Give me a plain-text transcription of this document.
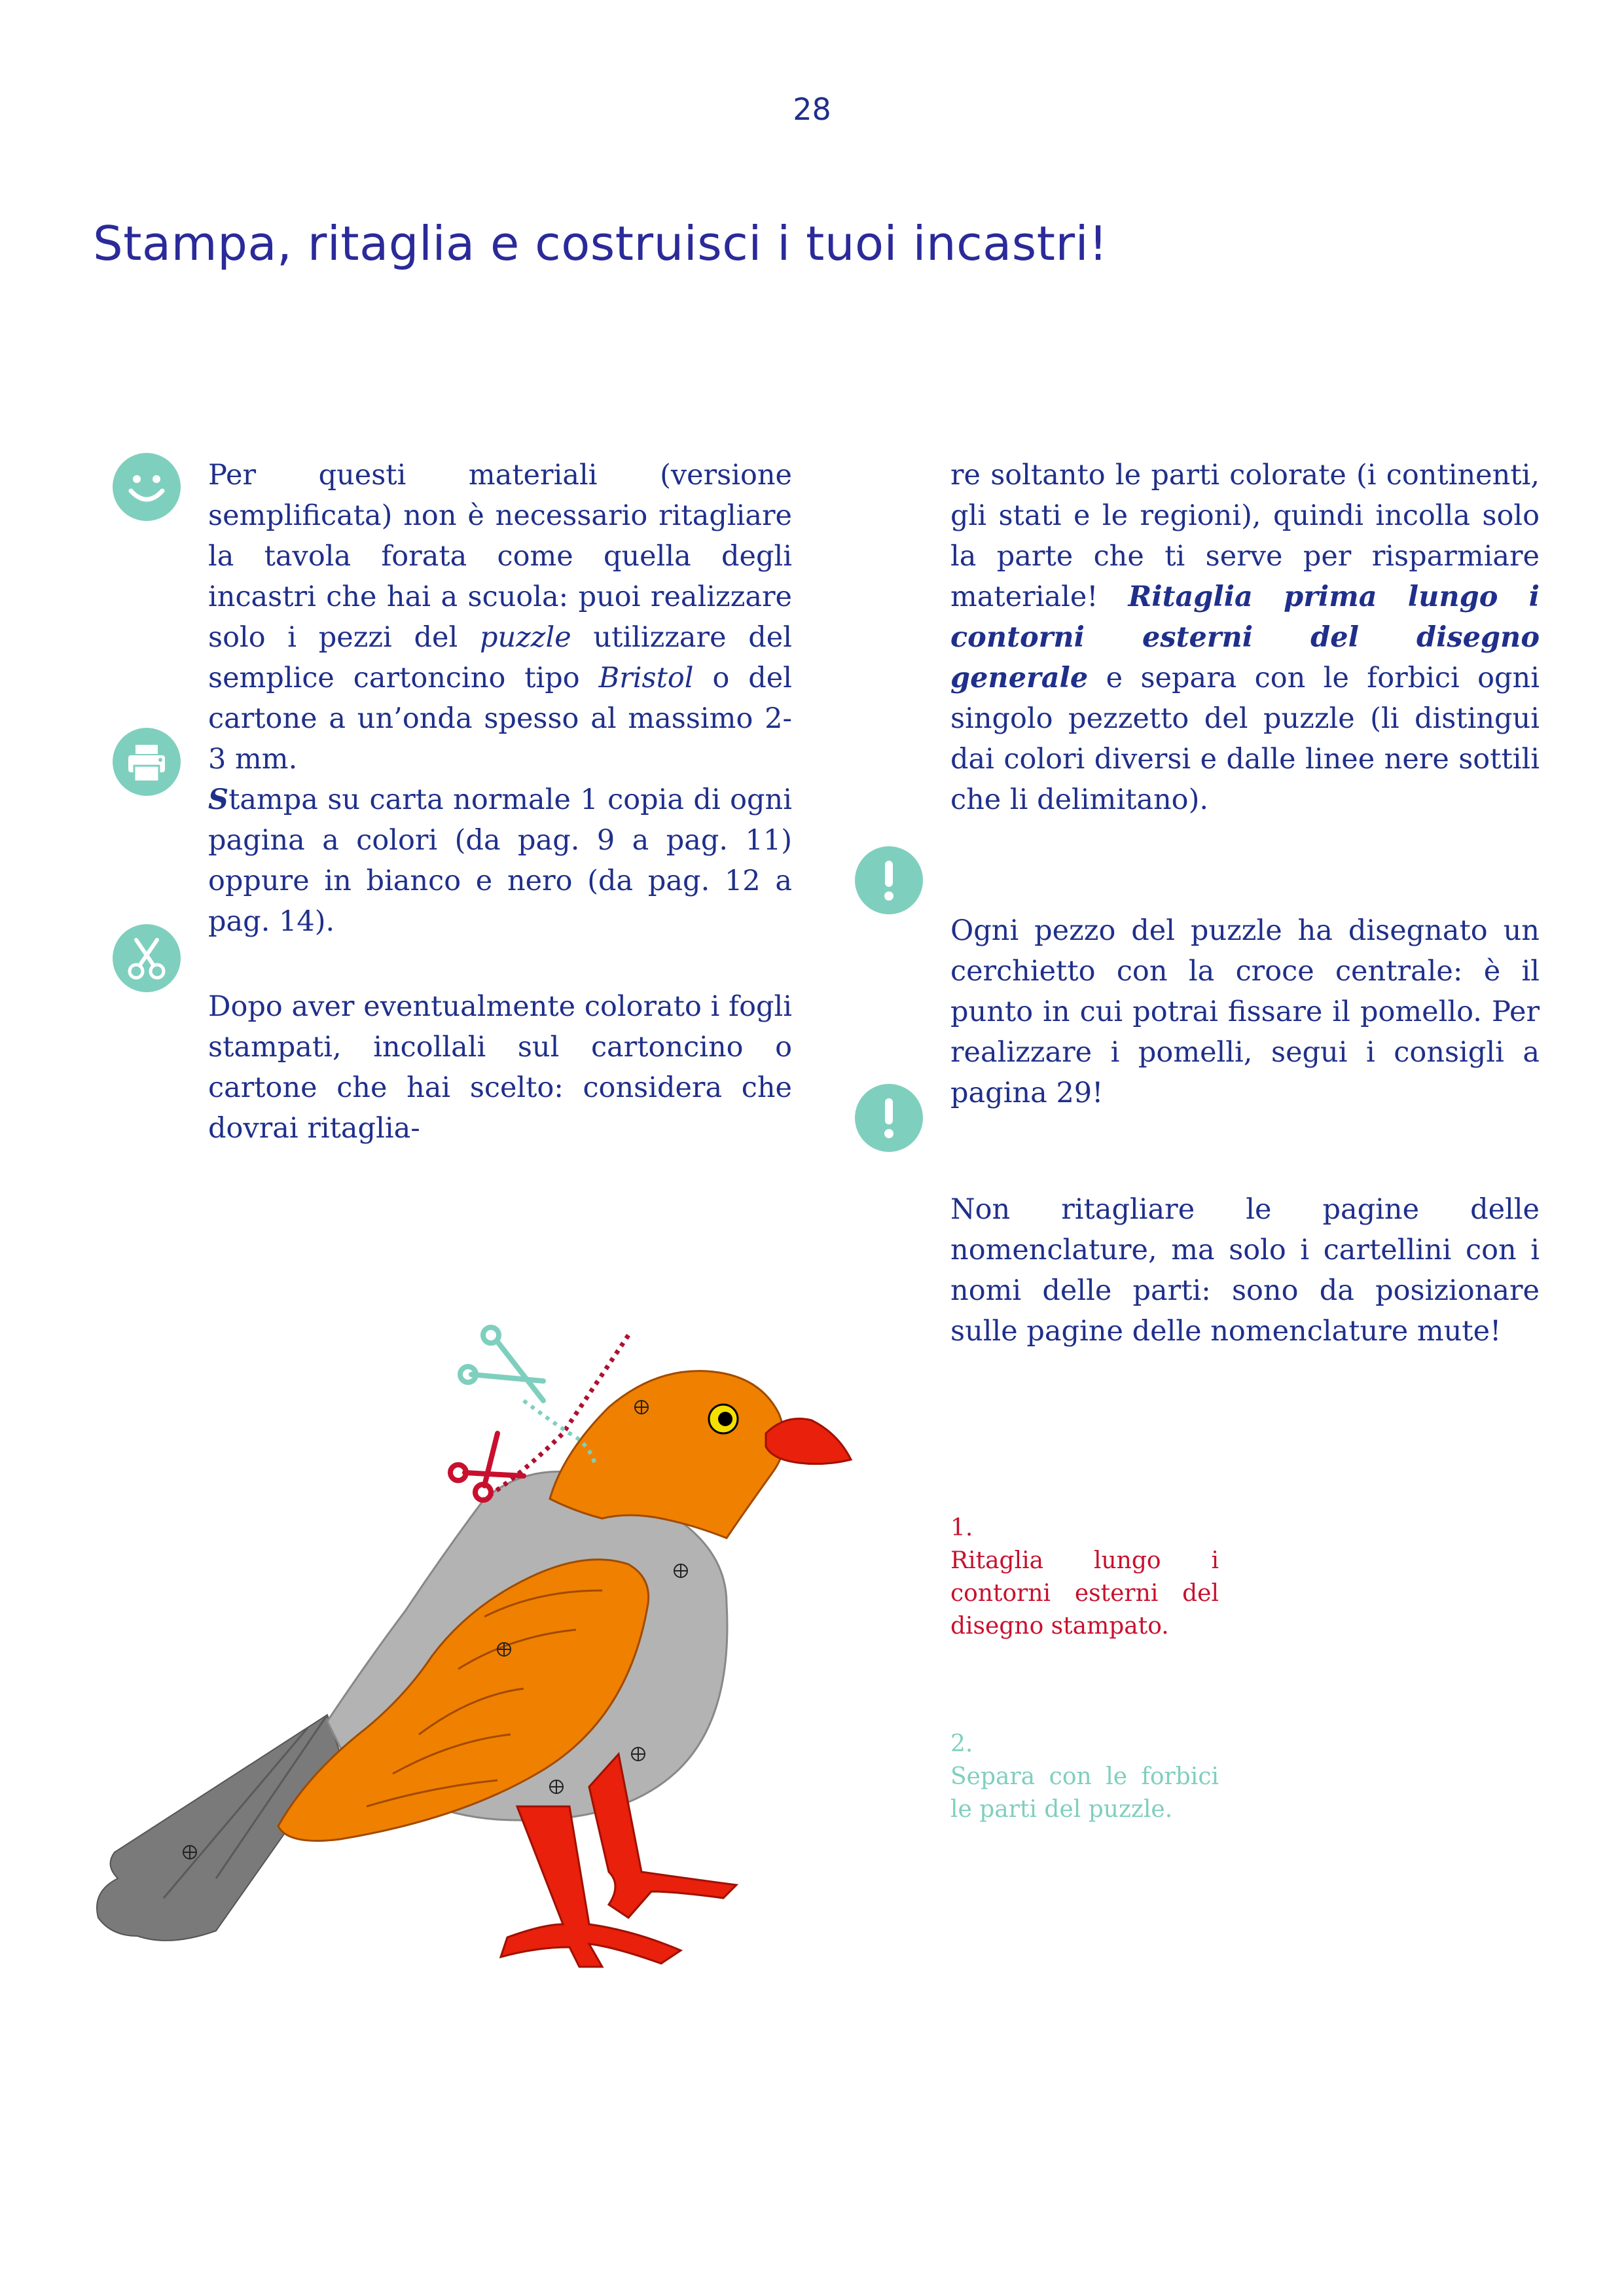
28
Stampa, ritaglia e costruisci i tuoi incastri!

Per questi materiali (versione semplificata) non è necessario ritagliare la tavola forata come quella degli incastri che hai a scuola: puoi realizzare solo i pezzi del puzzle utilizzare del semplice cartoncino tipo Bristol o del cartone a un’onda spesso al massimo 2-3 mm.

Stampa su carta normale 1 copia di ogni pagina a colori (da pag. 9 a pag. 11) oppure in bianco e nero (da pag. 12 a pag. 14).

Dopo aver eventualmente colorato i fogli stampati, incollali sul cartoncino o cartone che hai scelto: considera che dovrai ritaglia-

re soltanto le parti colorate (i continenti, gli stati e le regioni), quindi incolla solo la parte che ti serve per risparmiare materiale! Ritaglia prima lungo i contorni esterni del disegno generale e separa con le forbici ogni singolo pezzetto del puzzle (li distingui dai colori diversi e dalle linee nere sottili che li delimitano).

Ogni pezzo del puzzle ha disegnato un cerchietto con la croce centrale: è il punto in cui potrai fissare il pomello. Per realizzare i pomelli, segui i consigli a pagina 29!

Non ritagliare le pagine delle nomenclature, ma solo i cartellini con i nomi delle parti: sono da posizionare sulle pagine delle nomenclature mute!

1.

Ritaglia lungo i contorni esterni del disegno stampato.

2.

Separa con le forbici le parti del puzzle.
